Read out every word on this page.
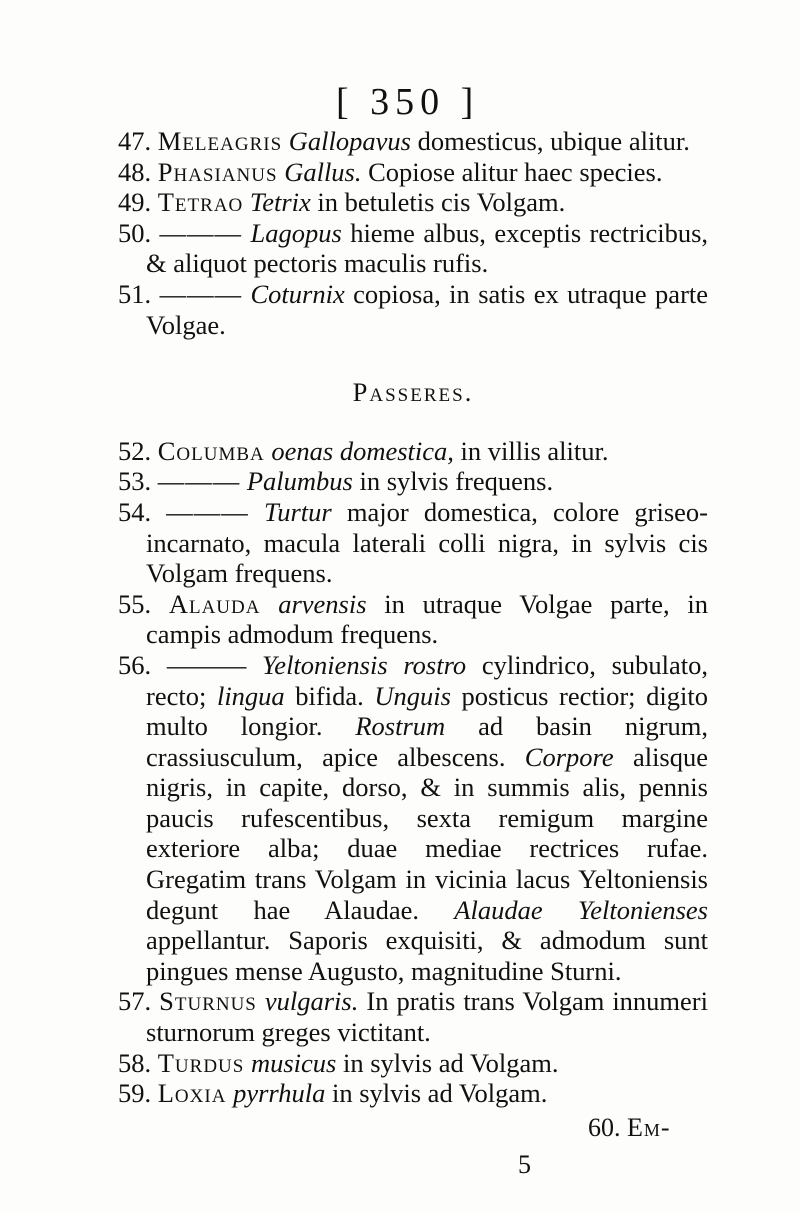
[ 350 ]
47. Meleagris Gallopavus domesticus, ubique alitur.
48. Phasianus Gallus. Copiose alitur haec species.
49. Tetrao Tetrix in betuletis cis Volgam.
50. ——— Lagopus hieme albus, exceptis rectricibus, & aliquot pectoris maculis rufis.
51. ——— Coturnix copiosa, in satis ex utraque parte Volgae.
Passeres.
52. Columba oenas domestica, in villis alitur.
53. ——— Palumbus in sylvis frequens.
54. ——— Turtur major domestica, colore griseo-incarnato, macula laterali colli nigra, in sylvis cis Volgam frequens.
55. Alauda arvensis in utraque Volgae parte, in campis admodum frequens.
56. ——— Yeltoniensis rostro cylindrico, subulato, recto; lingua bifida. Unguis posticus rectior; digito multo longior. Rostrum ad basin nigrum, crassiusculum, apice albescens. Corpore alisque nigris, in capite, dorso, & in summis alis, pennis paucis rufescentibus, sexta remigum margine exteriore alba; duae mediae rectrices rufae. Gregatim trans Volgam in vicinia lacus Yeltoniensis degunt hae Alaudae. Alaudae Yeltonienses appellantur. Saporis exquisiti, & admodum sunt pingues mense Augusto, magnitudine Sturni.
57. Sturnus vulgaris. In pratis trans Volgam innumeri sturnorum greges victitant.
58. Turdus musicus in sylvis ad Volgam.
59. Loxia pyrrhula in sylvis ad Volgam.
60. Em-
5
